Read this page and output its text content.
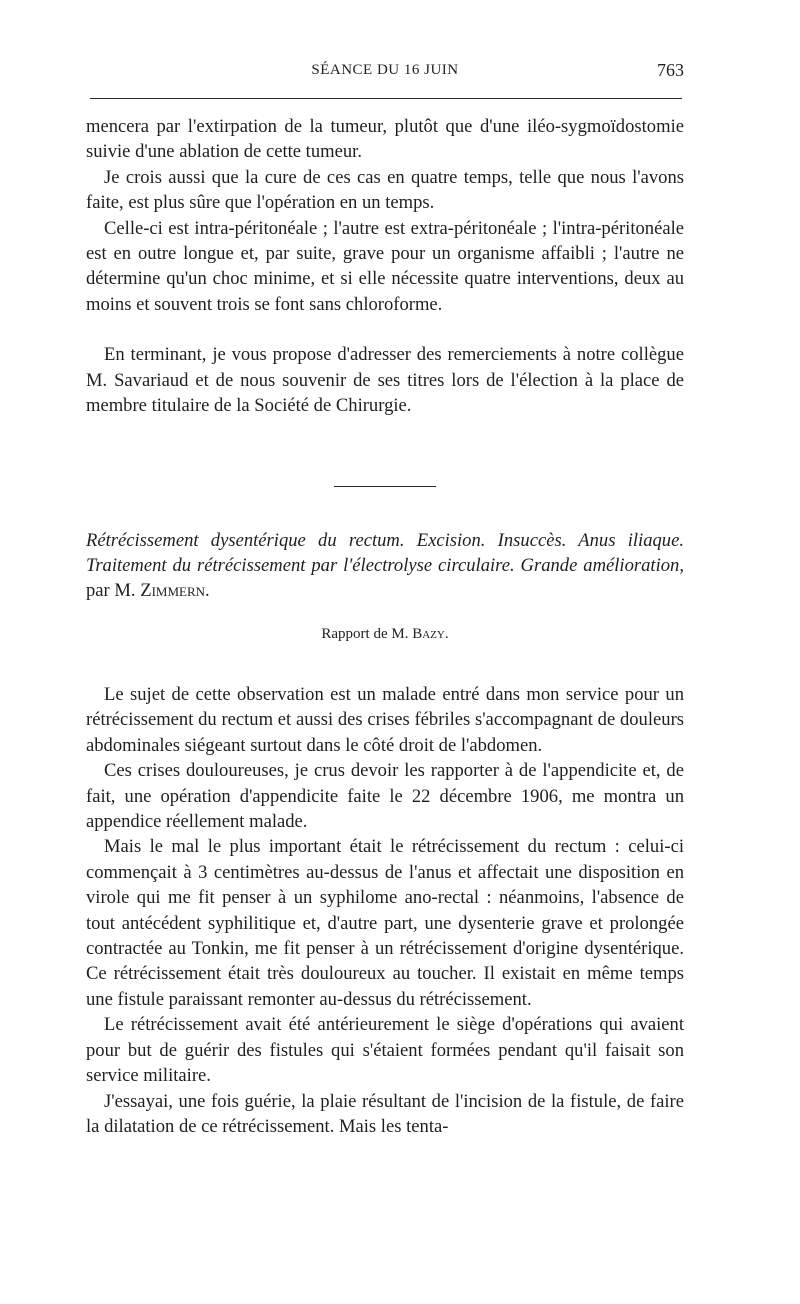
SÉANCE DU 16 JUIN	763

mencera par l'extirpation de la tumeur, plutôt que d'une iléo-sygmoïdostomie suivie d'une ablation de cette tumeur.

Je crois aussi que la cure de ces cas en quatre temps, telle que nous l'avons faite, est plus sûre que l'opération en un temps.

Celle-ci est intra-péritonéale ; l'autre est extra-péritonéale ; l'intra-péritonéale est en outre longue et, par suite, grave pour un organisme affaibli ; l'autre ne détermine qu'un choc minime, et si elle nécessite quatre interventions, deux au moins et souvent trois se font sans chloroforme.

En terminant, je vous propose d'adresser des remerciements à notre collègue M. Savariaud et de nous souvenir de ses titres lors de l'élection à la place de membre titulaire de la Société de Chirurgie.

Rétrécissement dysentérique du rectum. Excision. Insuccès. Anus iliaque. Traitement du rétrécissement par l'électrolyse circulaire. Grande amélioration, par M. Zimmern.
Rapport de M. Bazy.

Le sujet de cette observation est un malade entré dans mon service pour un rétrécissement du rectum et aussi des crises fébriles s'accompagnant de douleurs abdominales siégeant surtout dans le côté droit de l'abdomen.

Ces crises douloureuses, je crus devoir les rapporter à de l'appendicite et, de fait, une opération d'appendicite faite le 22 décembre 1906, me montra un appendice réellement malade.

Mais le mal le plus important était le rétrécissement du rectum : celui-ci commençait à 3 centimètres au-dessus de l'anus et affectait une disposition en virole qui me fit penser à un syphilome ano-rectal : néanmoins, l'absence de tout antécédent syphilitique et, d'autre part, une dysenterie grave et prolongée contractée au Tonkin, me fit penser à un rétrécissement d'origine dysentérique. Ce rétrécissement était très douloureux au toucher. Il existait en même temps une fistule paraissant remonter au-dessus du rétrécissement.

Le rétrécissement avait été antérieurement le siège d'opérations qui avaient pour but de guérir des fistules qui s'étaient formées pendant qu'il faisait son service militaire.

J'essayai, une fois guérie, la plaie résultant de l'incision de la fistule, de faire la dilatation de ce rétrécissement. Mais les tenta-
